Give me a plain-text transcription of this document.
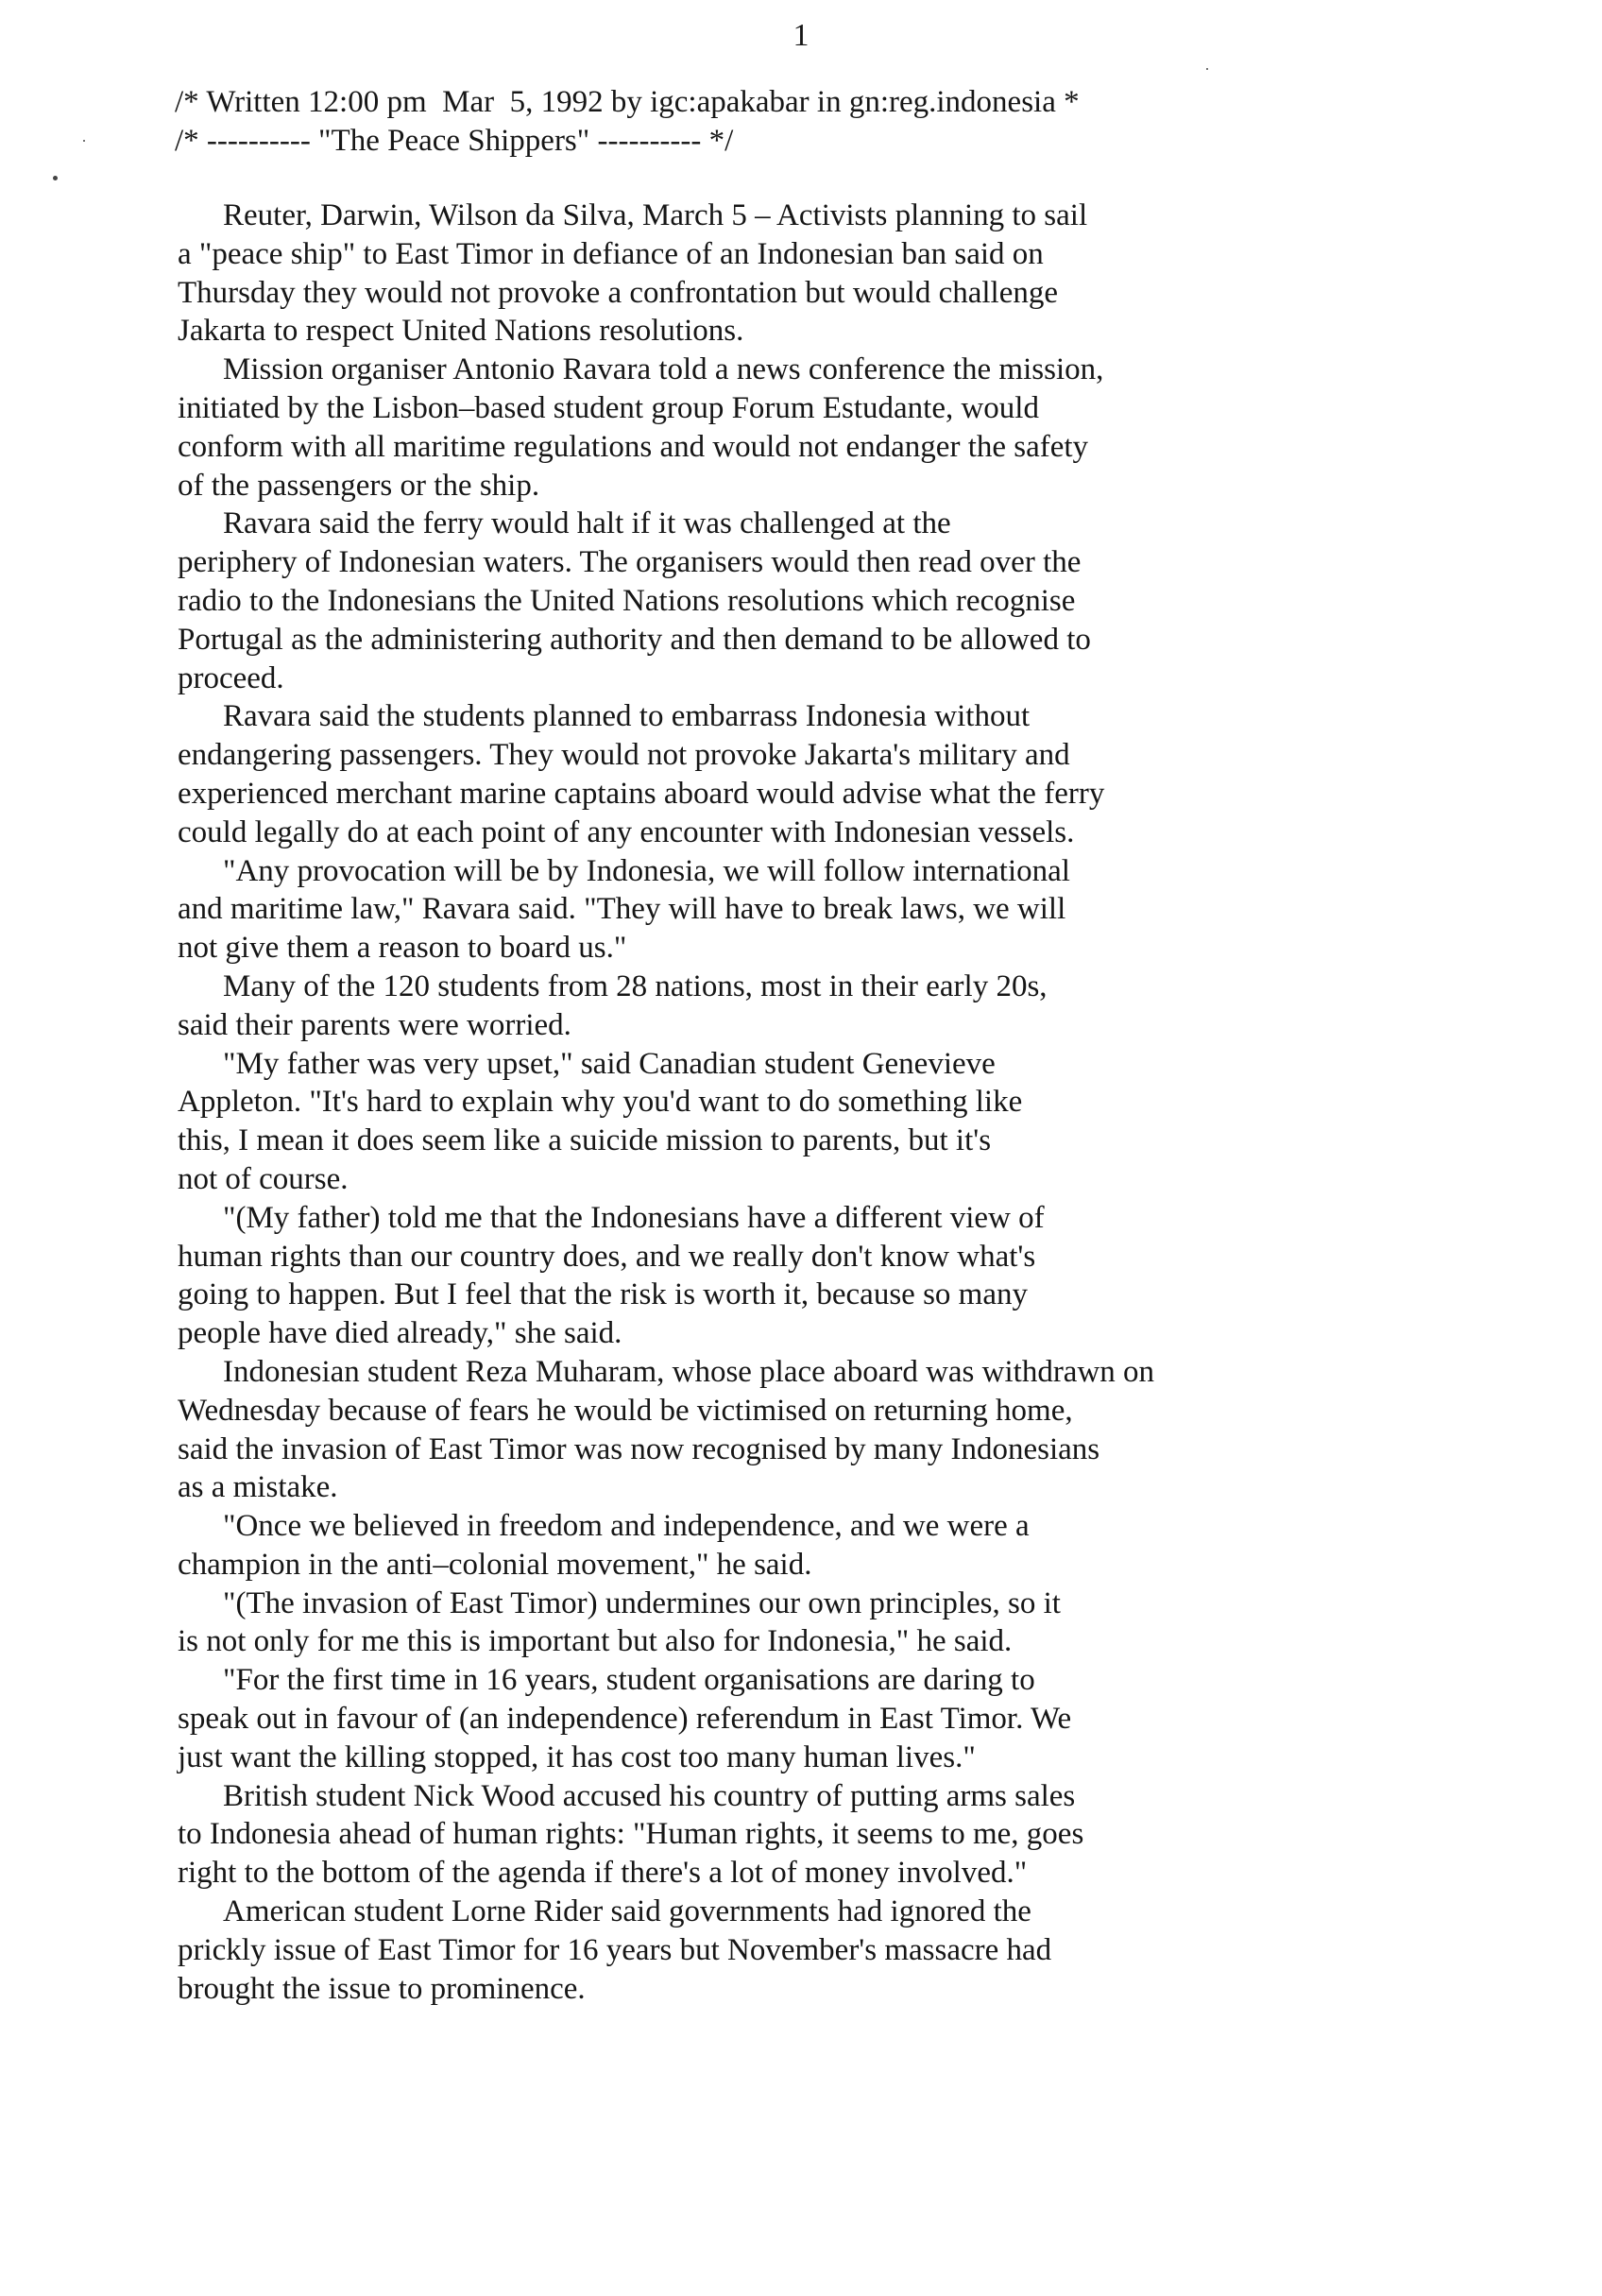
1
/* Written 12:00 pm  Mar  5, 1992 by igc:apakabar in gn:reg.indonesia *
/* ---------- "The Peace Shippers" ---------- */
Reuter, Darwin, Wilson da Silva, March 5 – Activists planning to sail
a "peace ship" to East Timor in defiance of an Indonesian ban said on
Thursday they would not provoke a confrontation but would challenge
Jakarta to respect United Nations resolutions.
Mission organiser Antonio Ravara told a news conference the mission,
initiated by the Lisbon–based student group Forum Estudante, would
conform with all maritime regulations and would not endanger the safety
of the passengers or the ship.
Ravara said the ferry would halt if it was challenged at the
periphery of Indonesian waters. The organisers would then read over the
radio to the Indonesians the United Nations resolutions which recognise
Portugal as the administering authority and then demand to be allowed to
proceed.
Ravara said the students planned to embarrass Indonesia without
endangering passengers. They would not provoke Jakarta's military and
experienced merchant marine captains aboard would advise what the ferry
could legally do at each point of any encounter with Indonesian vessels.
"Any provocation will be by Indonesia, we will follow international
and maritime law," Ravara said. "They will have to break laws, we will
not give them a reason to board us."
Many of the 120 students from 28 nations, most in their early 20s,
said their parents were worried.
"My father was very upset," said Canadian student Genevieve
Appleton. "It's hard to explain why you'd want to do something like
this, I mean it does seem like a suicide mission to parents, but it's
not of course.
"(My father) told me that the Indonesians have a different view of
human rights than our country does, and we really don't know what's
going to happen. But I feel that the risk is worth it, because so many
people have died already," she said.
Indonesian student Reza Muharam, whose place aboard was withdrawn on
Wednesday because of fears he would be victimised on returning home,
said the invasion of East Timor was now recognised by many Indonesians
as a mistake.
"Once we believed in freedom and independence, and we were a
champion in the anti–colonial movement," he said.
"(The invasion of East Timor) undermines our own principles, so it
is not only for me this is important but also for Indonesia," he said.
"For the first time in 16 years, student organisations are daring to
speak out in favour of (an independence) referendum in East Timor. We
just want the killing stopped, it has cost too many human lives."
British student Nick Wood accused his country of putting arms sales
to Indonesia ahead of human rights: "Human rights, it seems to me, goes
right to the bottom of the agenda if there's a lot of money involved."
American student Lorne Rider said governments had ignored the
prickly issue of East Timor for 16 years but November's massacre had
brought the issue to prominence.
